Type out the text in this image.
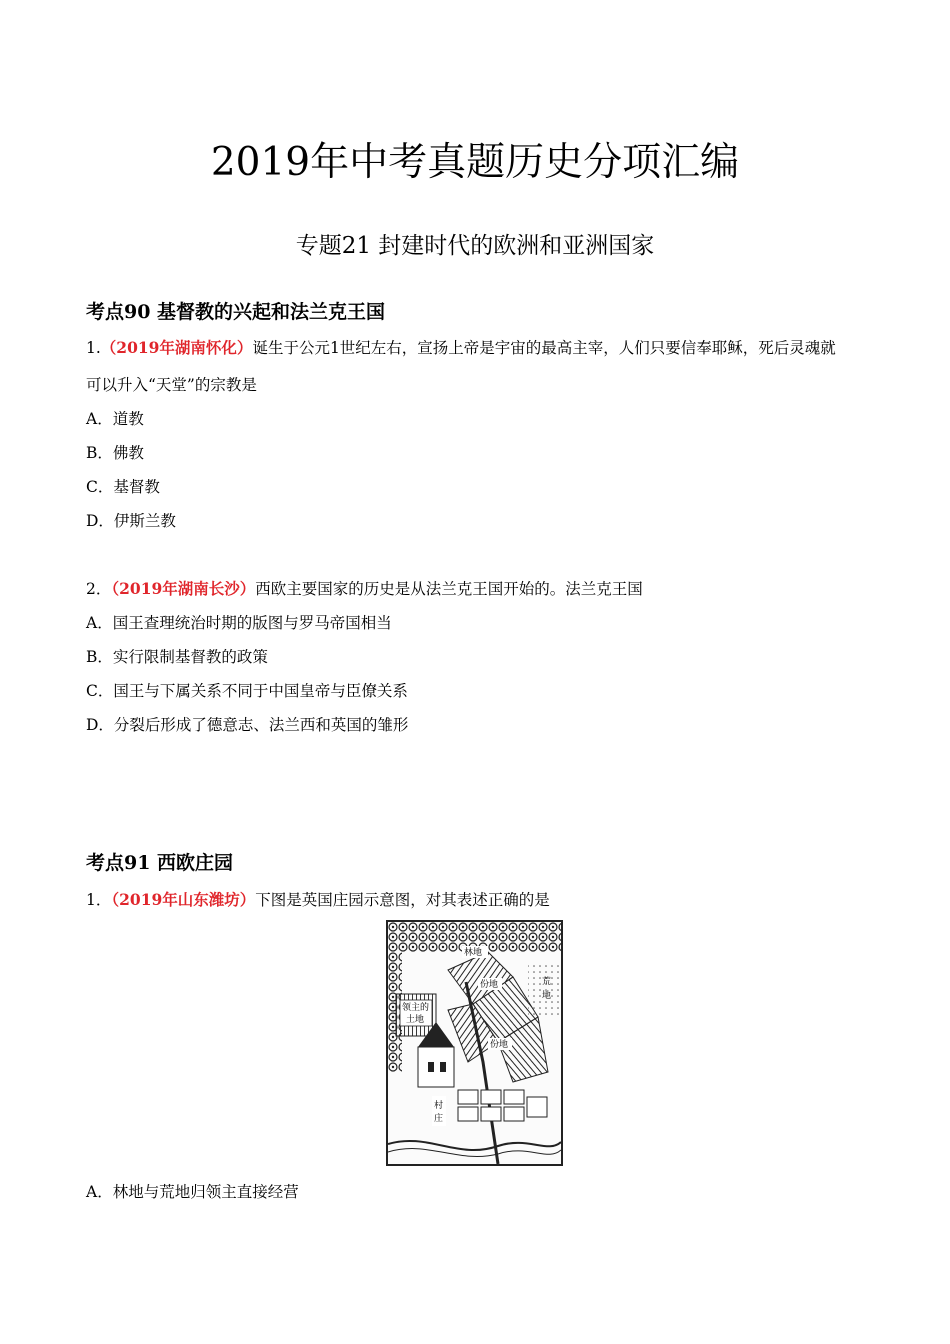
2019年中考真题历史分项汇编
专题21 封建时代的欧洲和亚洲国家
考点90 基督教的兴起和法兰克王国
1.（2019年湖南怀化）诞生于公元1世纪左右，宣扬上帝是宇宙的最高主宰，人们只要信奉耶稣，死后灵魂就
可以升入“天堂”的宗教是
A．道教
B．佛教
C．基督教
D．伊斯兰教
2．（2019年湖南长沙）西欧主要国家的历史是从法兰克王国开始的。法兰克王国
A．国王查理统治时期的版图与罗马帝国相当
B．实行限制基督教的政策
C．国王与下属关系不同于中国皇帝与臣僚关系
D．分裂后形成了德意志、法兰西和英国的雏形
考点91 西欧庄园
1．（2019年山东潍坊）下图是英国庄园示意图，对其表述正确的是
林地
领主的
土地
份地
份地
荒
地
村
庄
A．林地与荒地归领主直接经营
